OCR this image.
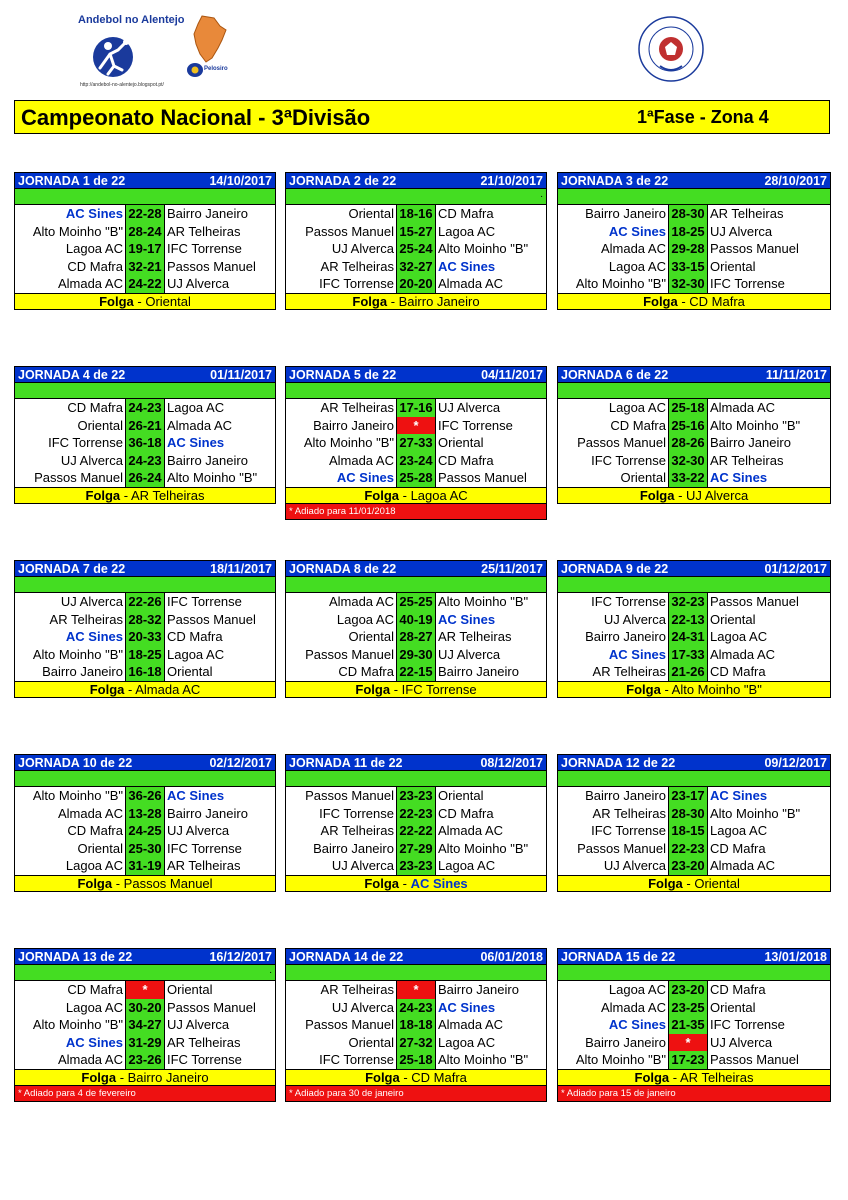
Andebol no Alentejo
Pelosiro
http://andebol-no-alentejo.blogspot.pt/
Campeonato Nacional - 3ªDivisão	1ªFase - Zona 4
JORNADA 1 de 22	14/10/2017
AC Sines 22-28 Bairro Janeiro
Alto Moinho "B" 28-24 AR Telheiras
Lagoa AC 19-17 IFC Torrense
CD Mafra 32-21 Passos Manuel
Almada AC 24-22 UJ Alverca
Folga - Oriental
JORNADA 2 de 22	21/10/2017
.
Oriental 18-16 CD Mafra
Passos Manuel 15-27 Lagoa AC
UJ Alverca 25-24 Alto Moinho "B"
AR Telheiras 32-27 AC Sines
IFC Torrense 20-20 Almada AC
Folga - Bairro Janeiro
JORNADA 3 de 22	28/10/2017
Bairro Janeiro 28-30 AR Telheiras
AC Sines 18-25 UJ Alverca
Almada AC 29-28 Passos Manuel
Lagoa AC 33-15 Oriental
Alto Moinho "B" 32-30 IFC Torrense
Folga - CD Mafra
JORNADA 4 de 22	01/11/2017
CD Mafra 24-23 Lagoa AC
Oriental 26-21 Almada AC
IFC Torrense 36-18 AC Sines
UJ Alverca 24-23 Bairro Janeiro
Passos Manuel 26-24 Alto Moinho "B"
Folga - AR Telheiras
JORNADA 5 de 22	04/11/2017
AR Telheiras 17-16 UJ Alverca
Bairro Janeiro	*	IFC Torrense
Alto Moinho "B" 27-33 Oriental
Almada AC 23-24 CD Mafra
AC Sines 25-28 Passos Manuel
Folga - Lagoa AC
* Adiado para 11/01/2018
JORNADA 6 de 22	11/11/2017
Lagoa AC 25-18 Almada AC
CD Mafra 25-16 Alto Moinho "B"
Passos Manuel 28-26 Bairro Janeiro
IFC Torrense 32-30 AR Telheiras
Oriental 33-22 AC Sines
Folga - UJ Alverca
JORNADA 7 de 22	18/11/2017
UJ Alverca 22-26 IFC Torrense
AR Telheiras 28-32 Passos Manuel
AC Sines 20-33 CD Mafra
Alto Moinho "B" 18-25 Lagoa AC
Bairro Janeiro 16-18 Oriental
Folga - Almada AC
JORNADA 8 de 22	25/11/2017
Almada AC 25-25 Alto Moinho "B"
Lagoa AC 40-19 AC Sines
Oriental 28-27 AR Telheiras
Passos Manuel 29-30 UJ Alverca
CD Mafra 22-15 Bairro Janeiro
Folga - IFC Torrense
JORNADA 9 de 22	01/12/2017
IFC Torrense 32-23 Passos Manuel
UJ Alverca 22-13 Oriental
Bairro Janeiro 24-31 Lagoa AC
AC Sines 17-33 Almada AC
AR Telheiras 21-26 CD Mafra
Folga - Alto Moinho "B"
JORNADA 10 de 22	02/12/2017
Alto Moinho "B" 36-26 AC Sines
Almada AC 13-28 Bairro Janeiro
CD Mafra 24-25 UJ Alverca
Oriental 25-30 IFC Torrense
Lagoa AC 31-19 AR Telheiras
Folga - Passos Manuel
JORNADA 11 de 22	08/12/2017
Passos Manuel 23-23 Oriental
IFC Torrense 22-23 CD Mafra
AR Telheiras 22-22 Almada AC
Bairro Janeiro 27-29 Alto Moinho "B"
UJ Alverca 23-23 Lagoa AC
Folga - AC Sines
JORNADA 12 de 22	09/12/2017
Bairro Janeiro 23-17 AC Sines
AR Telheiras 28-30 Alto Moinho "B"
IFC Torrense 18-15 Lagoa AC
Passos Manuel 22-23 CD Mafra
UJ Alverca 23-20 Almada AC
Folga - Oriental
JORNADA 13 de 22	16/12/2017
.
CD Mafra	*	Oriental
Lagoa AC 30-20 Passos Manuel
Alto Moinho "B" 34-27 UJ Alverca
AC Sines 31-29 AR Telheiras
Almada AC 23-26 IFC Torrense
Folga - Bairro Janeiro
* Adiado para 4 de fevereiro
JORNADA 14 de 22	06/01/2018
AR Telheiras	*	Bairro Janeiro
UJ Alverca 24-23 AC Sines
Passos Manuel 18-18 Almada AC
Oriental 27-32 Lagoa AC
IFC Torrense 25-18 Alto Moinho "B"
Folga - CD Mafra
* Adiado para 30 de janeiro
JORNADA 15 de 22	13/01/2018
Lagoa AC 23-20 CD Mafra
Almada AC 23-25 Oriental
AC Sines 21-35 IFC Torrense
Bairro Janeiro	*	UJ Alverca
Alto Moinho "B" 17-23 Passos Manuel
Folga - AR Telheiras
* Adiado para 15 de janeiro
